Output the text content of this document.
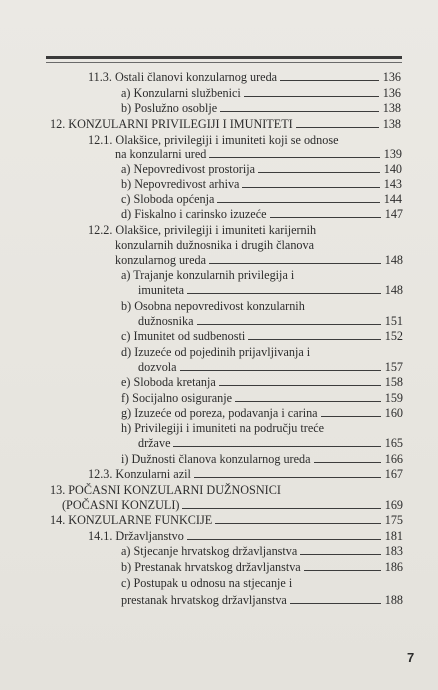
11.3. Ostali članovi konzularnog ureda	136
a) Konzularni službenici	136
b) Poslužno osoblje	138
12. KONZULARNI PRIVILEGIJI I IMUNITETI	138
12.1. Olakšice, privilegiji i imuniteti koji se odnose
na konzularni ured	139
a) Nepovredivost prostorija	140
b) Nepovredivost arhiva	143
c) Sloboda općenja	144
d) Fiskalno i carinsko izuzeće	147
12.2. Olakšice, privilegiji i imuniteti karijernih
konzularnih dužnosnika i drugih članova
konzularnog ureda	148
a) Trajanje konzularnih privilegija i
imuniteta	148
b) Osobna nepovredivost konzularnih
dužnosnika	151
c) Imunitet od sudbenosti	152
d) Izuzeće od pojedinih prijavljivanja i
dozvola	157
e) Sloboda kretanja	158
f) Socijalno osiguranje	159
g) Izuzeće od poreza, podavanja i carina	160
h) Privilegiji i imuniteti na području treće
države	165
i) Dužnosti članova konzularnog ureda	166
12.3. Konzularni azil	167
13. POČASNI KONZULARNI DUŽNOSNICI
(POČASNI KONZULI)	169
14. KONZULARNE FUNKCIJE	175
14.1. Državljanstvo	181
a) Stjecanje hrvatskog državljanstva	183
b) Prestanak hrvatskog državljanstva	186
c) Postupak u odnosu na stjecanje i
prestanak hrvatskog državljanstva	188
7
